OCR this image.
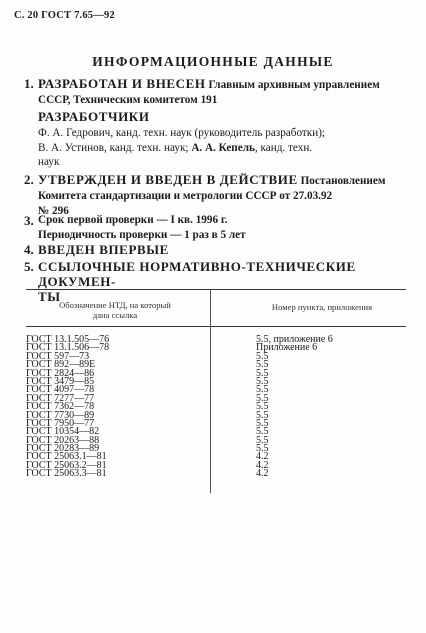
С. 20 ГОСТ 7.65—92
ИНФОРМАЦИОННЫЕ ДАННЫЕ
1. РАЗРАБОТАН И ВНЕСЕН Главным архивным управлением
СССР, Техническим комитетом 191
РАЗРАБОТЧИКИ
Ф. А. Гедрович, канд. техн. наук (руководитель разработки);
В. А. Устинов, канд. техн. наук; А. А. Кепель, канд. техн.
наук
2. УТВЕРЖДЕН И ВВЕДЕН В ДЕЙСТВИЕ Постановлением
Комитета стандартизации и метрологии СССР от 27.03.92
№ 296
3. Срок первой проверки — I кв. 1996 г.
Периодичность проверки — 1 раз в 5 лет
4. ВВЕДЕН ВПЕРВЫЕ
5. ССЫЛОЧНЫЕ НОРМАТИВНО-ТЕХНИЧЕСКИЕ ДОКУМЕН-
ТЫ
Обозначение НТД, на который
дана ссылка
Номер пункта, приложения
ГОСТ 13.1.505—76	5.5, приложение 6
ГОСТ 13.1.506—78	Приложение 6
ГОСТ 597—73	5.5
ГОСТ 892—89Е	5.5
ГОСТ 2824—86	5.5
ГОСТ 3479—85	5.5
ГОСТ 4097—78	5.5
ГОСТ 7277—77	5.5
ГОСТ 7362—78	5.5
ГОСТ 7730—89	5.5
ГОСТ 7950—77	5.5
ГОСТ 10354—82	5.5
ГОСТ 20263—88	5.5
ГОСТ 20283—89	5.5
ГОСТ 25063.1—81	4.2
ГОСТ 25063.2—81	4.2
ГОСТ 25063.3—81	4.2
